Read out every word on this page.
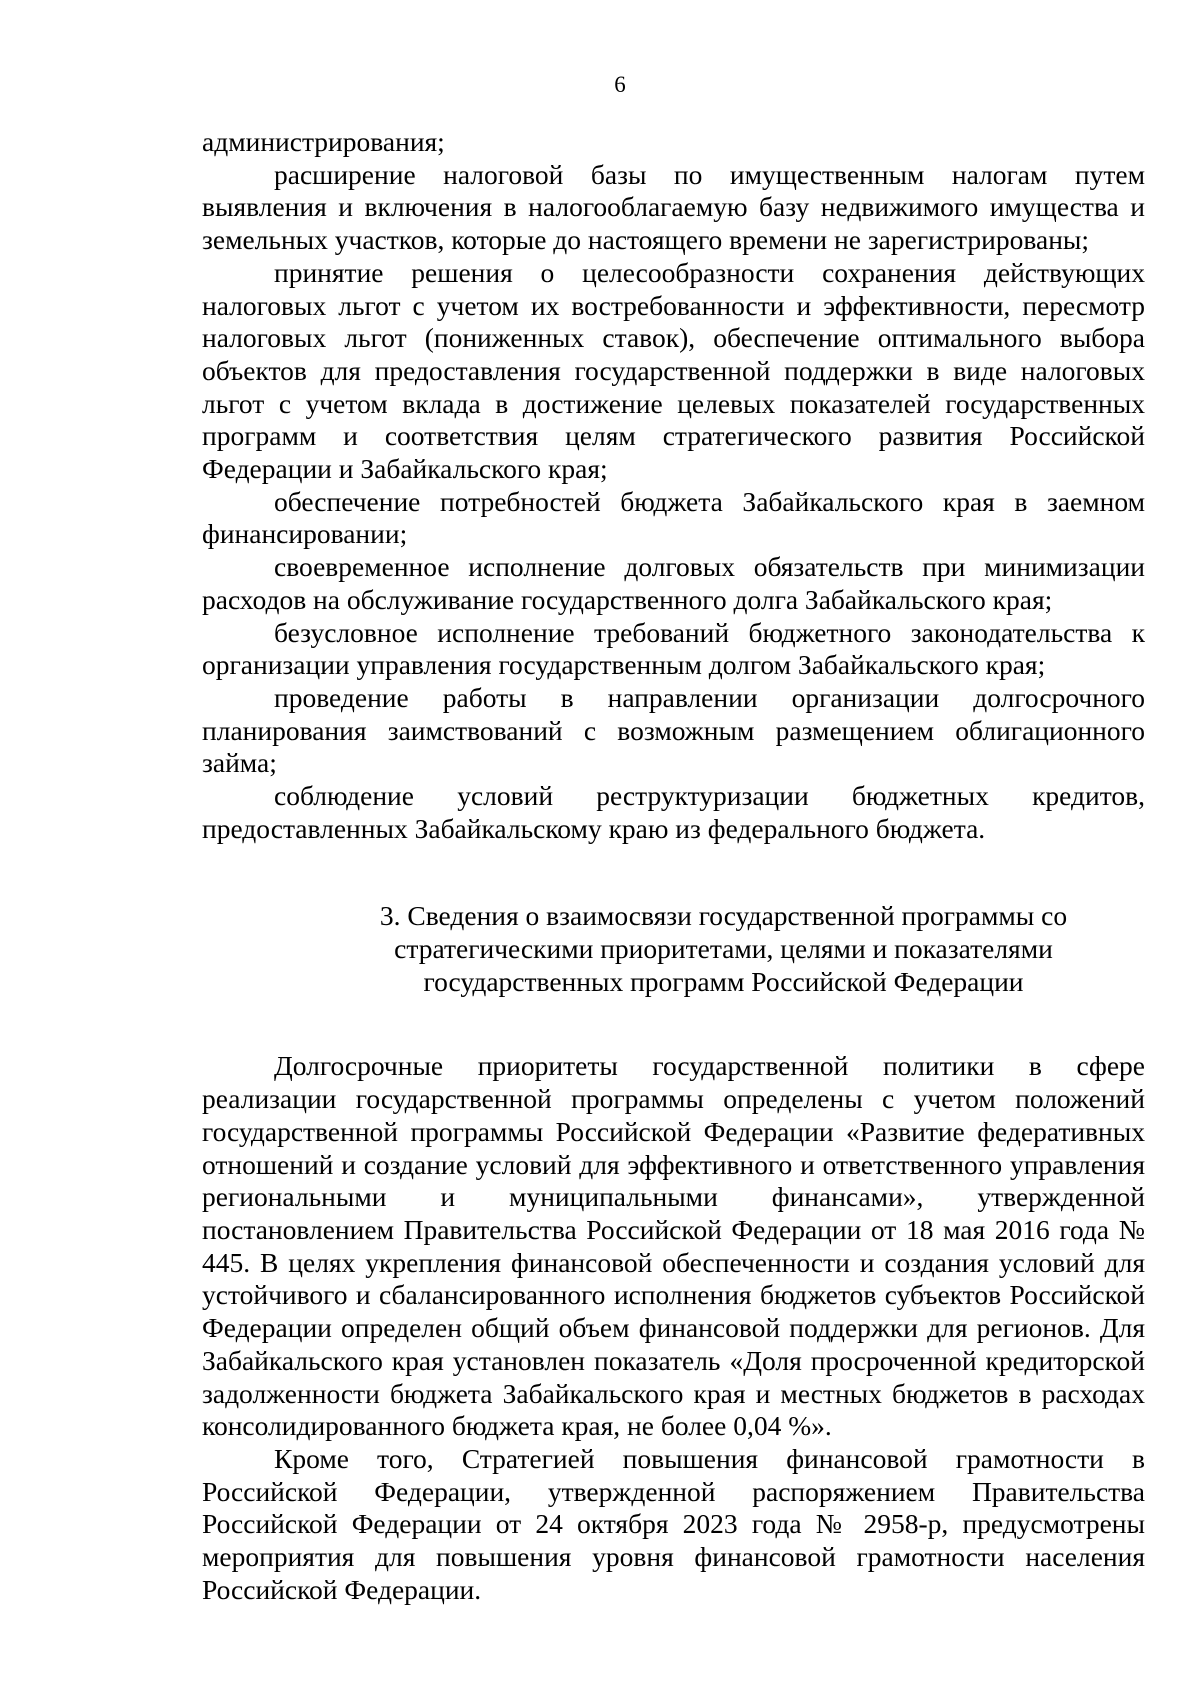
6

администрирования;

расширение налоговой базы по имущественным налогам путем выявления и включения в налогооблагаемую базу недвижимого имущества и земельных участков, которые до настоящего времени не зарегистрированы;

принятие решения о целесообразности сохранения действующих налоговых льгот с учетом их востребованности и эффективности, пересмотр налоговых льгот (пониженных ставок), обеспечение оптимального выбора объектов для предоставления государственной поддержки в виде налоговых льгот с учетом вклада в достижение целевых показателей государственных программ и соответствия целям стратегического развития Российской Федерации и Забайкальского края;

обеспечение потребностей бюджета Забайкальского края в заемном финансировании;

своевременное исполнение долговых обязательств при минимизации расходов на обслуживание государственного долга Забайкальского края;

безусловное исполнение требований бюджетного законодательства к организации управления государственным долгом Забайкальского края;

проведение работы в направлении организации долгосрочного планирования заимствований с возможным размещением облигационного займа;

соблюдение условий реструктуризации бюджетных кредитов, предоставленных Забайкальскому краю из федерального бюджета.

3. Сведения о взаимосвязи государственной программы со
стратегическими приоритетами, целями и показателями
государственных программ Российской Федерации

Долгосрочные приоритеты государственной политики в сфере реализации государственной программы определены с учетом положений государственной программы Российской Федерации «Развитие федеративных отношений и создание условий для эффективного и ответственного управления региональными и муниципальными финансами», утвержденной постановлением Правительства Российской Федерации от 18 мая 2016 года № 445. В целях укрепления финансовой обеспеченности и создания условий для устойчивого и сбалансированного исполнения бюджетов субъектов Российской Федерации определен общий объем финансовой поддержки для регионов. Для Забайкальского края установлен показатель «Доля просроченной кредиторской задолженности бюджета Забайкальского края и местных бюджетов в расходах консолидированного бюджета края, не более 0,04 %».

Кроме того, Стратегией повышения финансовой грамотности в Российской Федерации, утвержденной распоряжением Правительства Российской Федерации от 24 октября 2023 года № 2958-р, предусмотрены мероприятия для повышения уровня финансовой грамотности населения Российской Федерации.
